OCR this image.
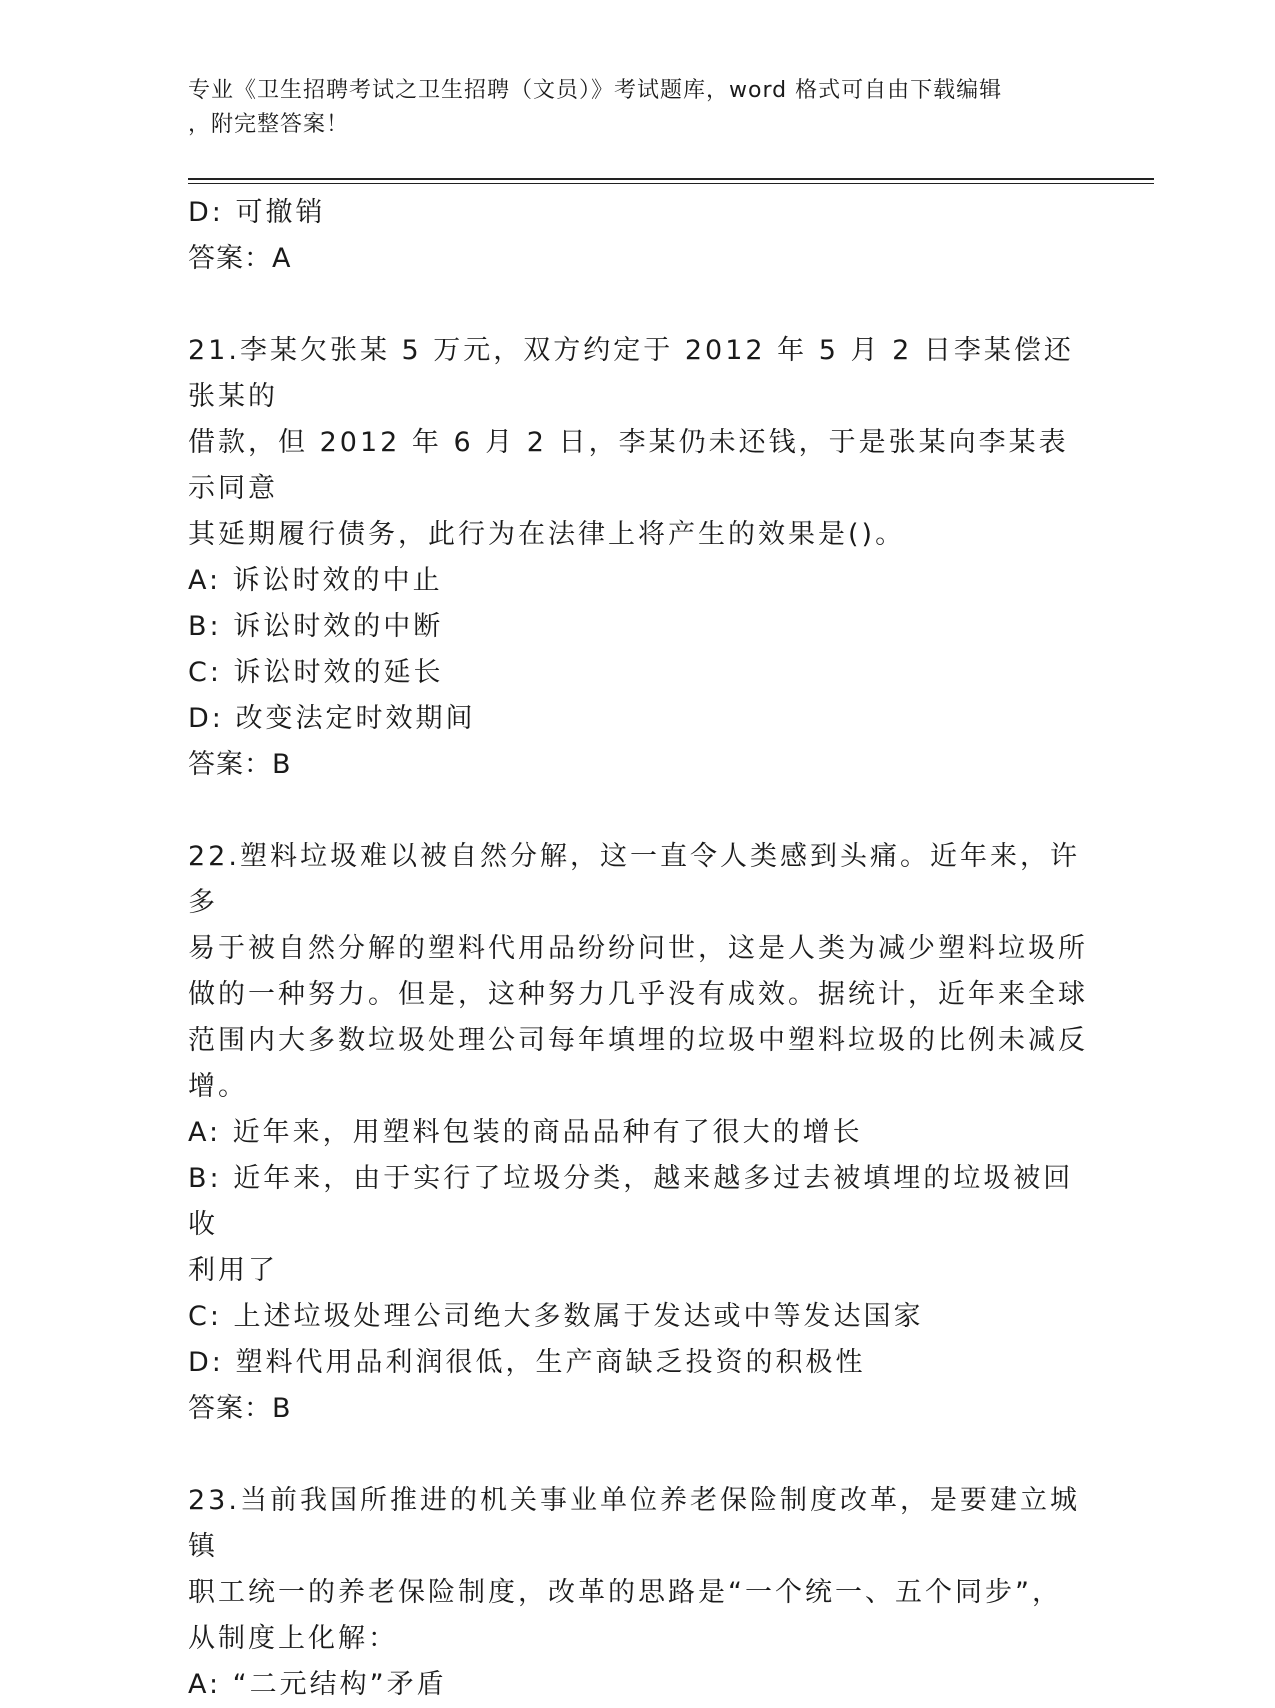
专业《卫生招聘考试之卫生招聘（文员）》考试题库，word 格式可自由下载编辑
，附完整答案！

D: 可撤销

答案：A

21.李某欠张某 5 万元，双方约定于 2012 年 5 月 2 日李某偿还张某的

借款，但 2012 年 6 月 2 日，李某仍未还钱，于是张某向李某表示同意

其延期履行债务，此行为在法律上将产生的效果是()。

A: 诉讼时效的中止

B: 诉讼时效的中断

C: 诉讼时效的延长

D: 改变法定时效期间

答案：B

22.塑料垃圾难以被自然分解，这一直令人类感到头痛。近年来，许多

易于被自然分解的塑料代用品纷纷问世，这是人类为减少塑料垃圾所

做的一种努力。但是，这种努力几乎没有成效。据统计，近年来全球

范围内大多数垃圾处理公司每年填埋的垃圾中塑料垃圾的比例未减反

增。

A: 近年来，用塑料包装的商品品种有了很大的增长

B: 近年来，由于实行了垃圾分类，越来越多过去被填埋的垃圾被回收

利用了

C: 上述垃圾处理公司绝大多数属于发达或中等发达国家

D: 塑料代用品利润很低，生产商缺乏投资的积极性

答案：B

23.当前我国所推进的机关事业单位养老保险制度改革，是要建立城镇

职工统一的养老保险制度，改革的思路是“一个统一、五个同步”，

从制度上化解：

A: “二元结构”矛盾
